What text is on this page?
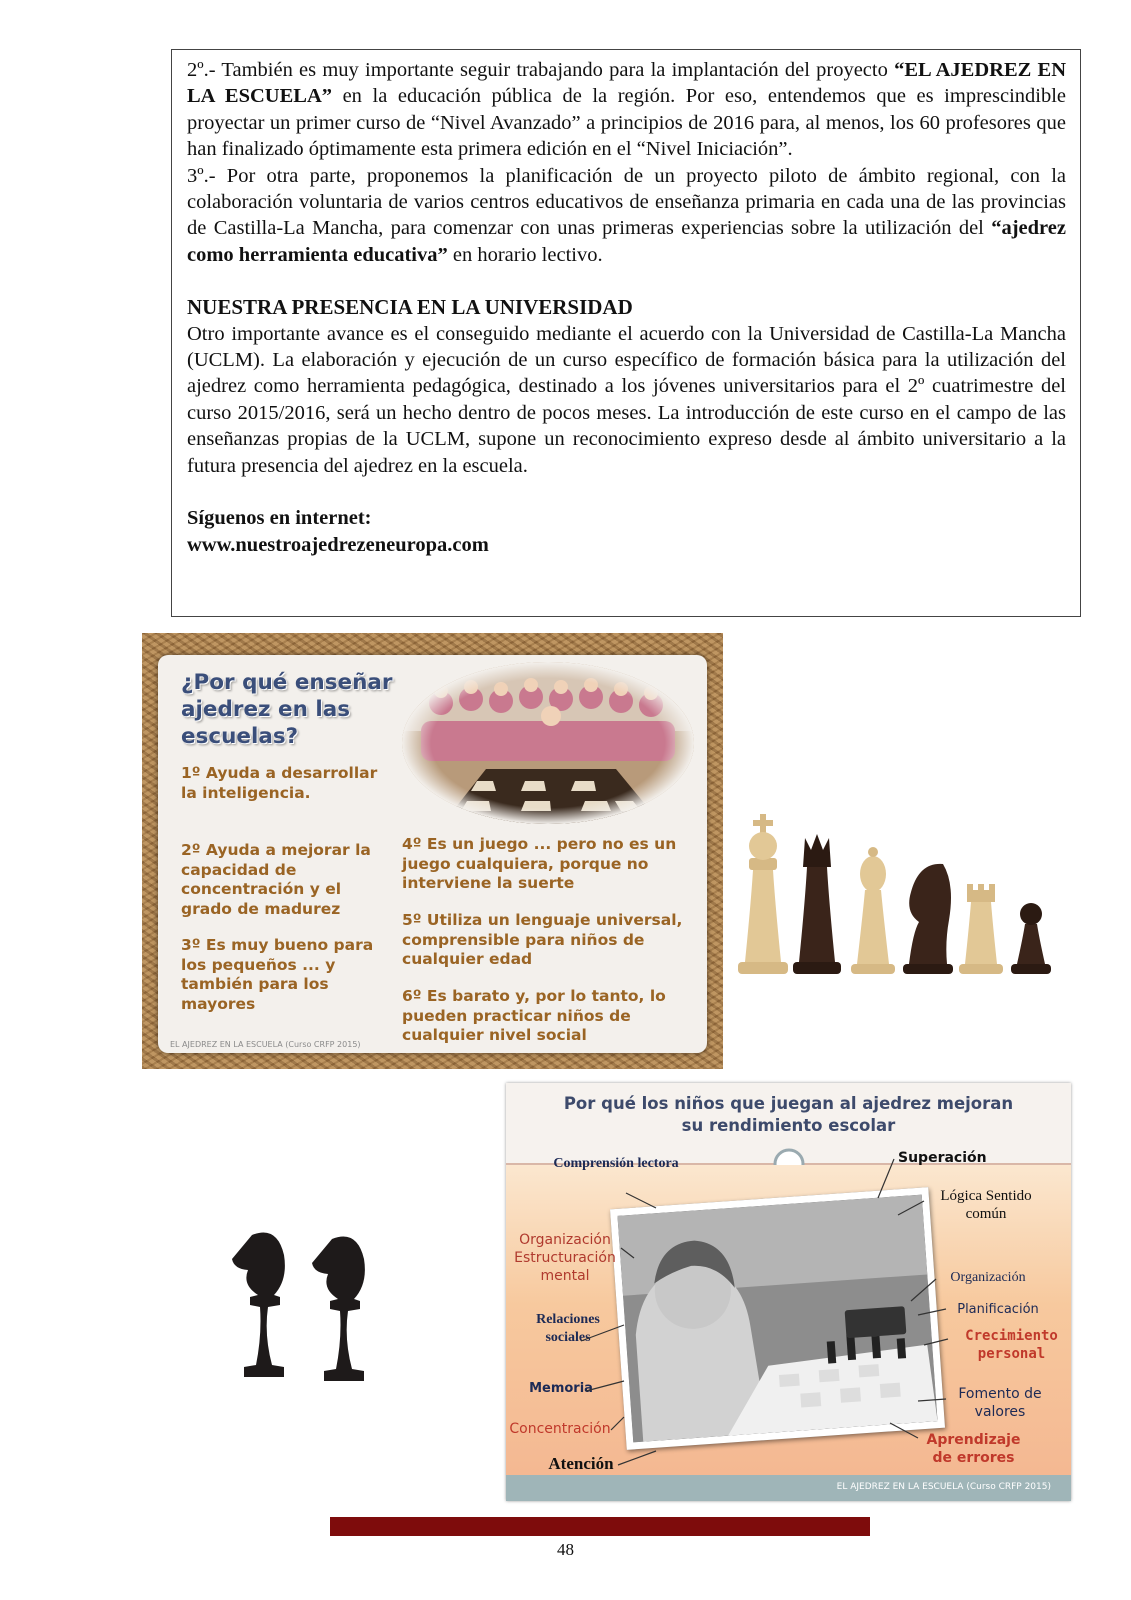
2º.- También es muy importante seguir trabajando para la implantación del proyecto “EL AJEDREZ EN LA ESCUELA” en la educación pública de la región. Por eso, entendemos que es imprescindible proyectar un primer curso de “Nivel Avanzado” a principios de 2016 para, al menos, los 60 profesores que han finalizado óptimamente esta primera edición en el “Nivel Iniciación”.

3º.- Por otra parte, proponemos la planificación de un proyecto piloto de ámbito regional, con la colaboración voluntaria de varios centros educativos de enseñanza primaria en cada una de las provincias de Castilla-La Mancha, para comenzar con unas primeras experiencias sobre la utilización del “ajedrez como herramienta educativa” en horario lectivo.

NUESTRA PRESENCIA EN LA UNIVERSIDAD

Otro importante avance es el conseguido mediante el acuerdo con la Universidad de Castilla-La Mancha (UCLM). La elaboración y ejecución de un curso específico de formación básica para la utilización del ajedrez como herramienta pedagógica, destinado a los jóvenes universitarios para el 2º cuatrimestre del curso 2015/2016, será un hecho dentro de pocos meses. La introducción de este curso en el campo de las enseñanzas propias de la UCLM, supone un reconocimiento expreso desde al ámbito universitario a la futura presencia del ajedrez en la escuela.

Síguenos en internet:

www.nuestroajedrezeneuropa.com

¿Por qué enseñar ajedrez en las escuelas?
1º Ayuda a desarrollar la inteligencia.
2º Ayuda a mejorar la capacidad de concentración y el grado de madurez
3º Es muy bueno para los pequeños ... y también para los mayores
4º Es un juego ... pero no es un juego cualquiera, porque no interviene la suerte
5º Utiliza un lenguaje universal, comprensible para niños de cualquier edad
6º Es barato y, por lo tanto, lo pueden practicar niños de cualquier nivel social
EL AJEDREZ EN LA ESCUELA (Curso CRFP 2015)
Por qué los niños que juegan al ajedrez mejoran
su rendimiento escolar
Comprensión lectora	Superación
Lógica Sentido común
Organización Estructuración mental	Organización
Relaciones sociales
Planificación
Crecimiento personal
Memoria	Fomento de valores
Concentración
Aprendizaje de errores
Atención
EL AJEDREZ EN LA ESCUELA (Curso CRFP 2015)
48
